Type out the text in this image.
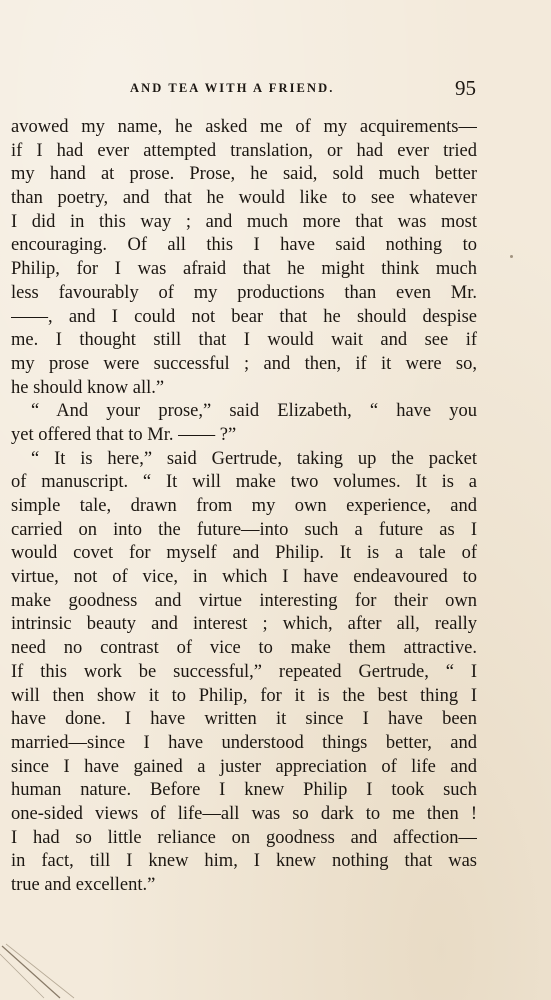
AND TEA WITH A FRIEND.	95
avowed my name, he asked me of my acquirements—
if I had ever attempted translation, or had ever tried
my hand at prose. Prose, he said, sold much better
than poetry, and that he would like to see whatever
I did in this way ; and much more that was most
encouraging. Of all this I have said nothing to
Philip, for I was afraid that he might think much
less favourably of my productions than even Mr.
——, and I could not bear that he should despise
me. I thought still that I would wait and see if
my prose were successful ; and then, if it were so,
he should know all.”
“ And your prose,” said Elizabeth, “ have you
yet offered that to Mr. —— ?”
“ It is here,” said Gertrude, taking up the packet
of manuscript. “ It will make two volumes. It is a
simple tale, drawn from my own experience, and
carried on into the future—into such a future as I
would covet for myself and Philip. It is a tale of
virtue, not of vice, in which I have endeavoured to
make goodness and virtue interesting for their own
intrinsic beauty and interest ; which, after all, really
need no contrast of vice to make them attractive.
If this work be successful,” repeated Gertrude, “ I
will then show it to Philip, for it is the best thing I
have done. I have written it since I have been
married—since I have understood things better, and
since I have gained a juster appreciation of life and
human nature. Before I knew Philip I took such
one-sided views of life—all was so dark to me then !
I had so little reliance on goodness and affection—
in fact, till I knew him, I knew nothing that was
true and excellent.”
